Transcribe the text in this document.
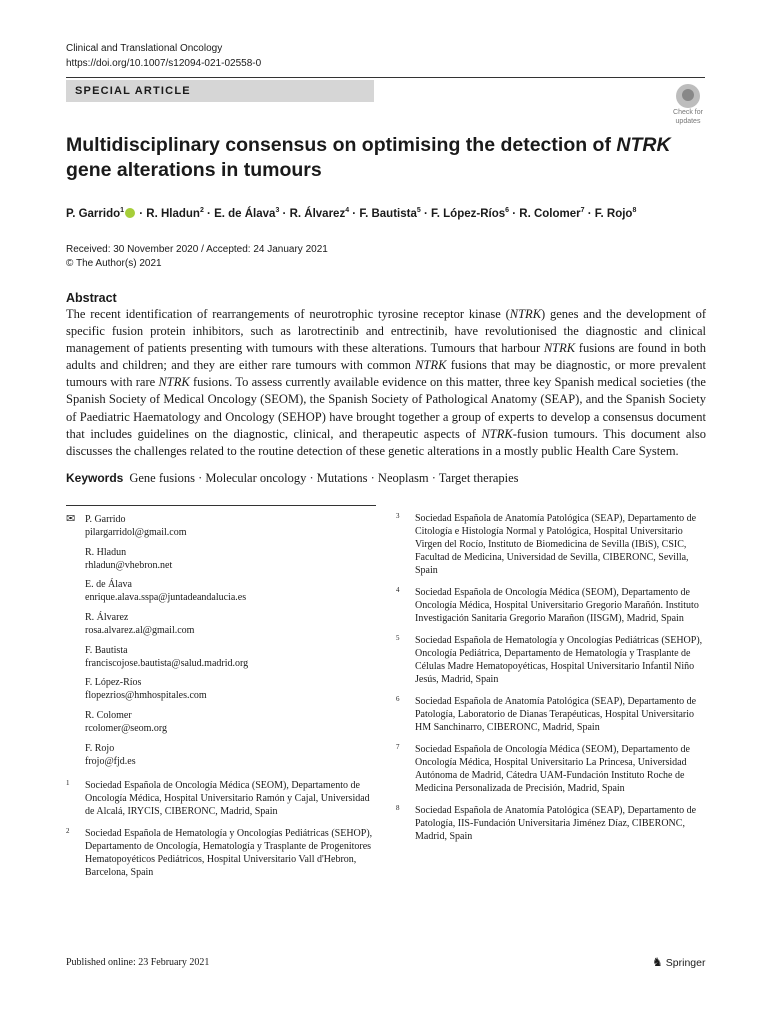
Clinical and Translational Oncology
https://doi.org/10.1007/s12094-021-02558-0
SPECIAL ARTICLE
Check for
updates
Multidisciplinary consensus on optimising the detection of NTRK gene alterations in tumours
P. Garrido$^1$ · R. Hladun$^2$ · E. de Álava$^3$ · R. Álvarez$^4$ · F. Bautista$^5$ · F. López-Ríos$^6$ · R. Colomer$^7$ · F. Rojo$^8$
Received: 30 November 2020 / Accepted: 24 January 2021
© The Author(s) 2021
Abstract
The recent identification of rearrangements of neurotrophic tyrosine receptor kinase (NTRK) genes and the development of specific fusion protein inhibitors, such as larotrectinib and entrectinib, have revolutionised the diagnostic and clinical management of patients presenting with tumours with these alterations. Tumours that harbour NTRK fusions are found in both adults and children; and they are either rare tumours with common NTRK fusions that may be diagnostic, or more prevalent tumours with rare NTRK fusions. To assess currently available evidence on this matter, three key Spanish medical societies (the Spanish Society of Medical Oncology (SEOM), the Spanish Society of Pathological Anatomy (SEAP), and the Spanish Society of Paediatric Haematology and Oncology (SEHOP) have brought together a group of experts to develop a consensus document that includes guidelines on the diagnostic, clinical, and therapeutic aspects of NTRK-fusion tumours. This document also discusses the challenges related to the routine detection of these genetic alterations in a mostly public Health Care System.
Keywords Gene fusions · Molecular oncology · Mutations · Neoplasm · Target therapies
✉ P. Garrido
pilargarridol@gmail.com
R. Hladun
rhladun@vhebron.net
E. de Álava
enrique.alava.sspa@juntadeandalucia.es
R. Álvarez
rosa.alvarez.al@gmail.com
F. Bautista
franciscojose.bautista@salud.madrid.org
F. López-Ríos
flopezrios@hmhospitales.com
R. Colomer
rcolomer@seom.org
F. Rojo
frojo@fjd.es
1 Sociedad Española de Oncología Médica (SEOM), Departamento de Oncología Médica, Hospital Universitario Ramón y Cajal, Universidad de Alcalá, IRYCIS, CIBERONC, Madrid, Spain
2 Sociedad Española de Hematología y Oncologías Pediátricas (SEHOP), Departamento de Oncología, Hematología y Trasplante de Progenitores Hematopoyéticos Pediátricos, Hospital Universitario Vall d'Hebron, Barcelona, Spain
3 Sociedad Española de Anatomía Patológica (SEAP), Departamento de Citología e Histología Normal y Patológica, Hospital Universitario Virgen del Rocío, Instituto de Biomedicina de Sevilla (IBiS), CSIC, Facultad de Medicina, Universidad de Sevilla, CIBERONC, Sevilla, Spain
4 Sociedad Española de Oncología Médica (SEOM), Departamento de Oncología Médica, Hospital Universitario Gregorio Marañón. Instituto Investigación Sanitaria Gregorio Marañon (IISGM), Madrid, Spain
5 Sociedad Española de Hematología y Oncologías Pediátricas (SEHOP), Oncología Pediátrica, Departamento de Hematología y Trasplante de Células Madre Hematopoyéticas, Hospital Universitario Infantil Niño Jesús, Madrid, Spain
6 Sociedad Española de Anatomía Patológica (SEAP), Departamento de Patología, Laboratorio de Dianas Terapéuticas, Hospital Universitario HM Sanchinarro, CIBERONC, Madrid, Spain
7 Sociedad Española de Oncología Médica (SEOM), Departamento de Oncología Médica, Hospital Universitario La Princesa, Universidad Autónoma de Madrid, Cátedra UAM-Fundación Instituto Roche de Medicina Personalizada de Precisión, Madrid, Spain
8 Sociedad Española de Anatomía Patológica (SEAP), Departamento de Patología, IIS-Fundación Universitaria Jiménez Díaz, CIBERONC, Madrid, Spain
Published online: 23 February 2021	♞ Springer
